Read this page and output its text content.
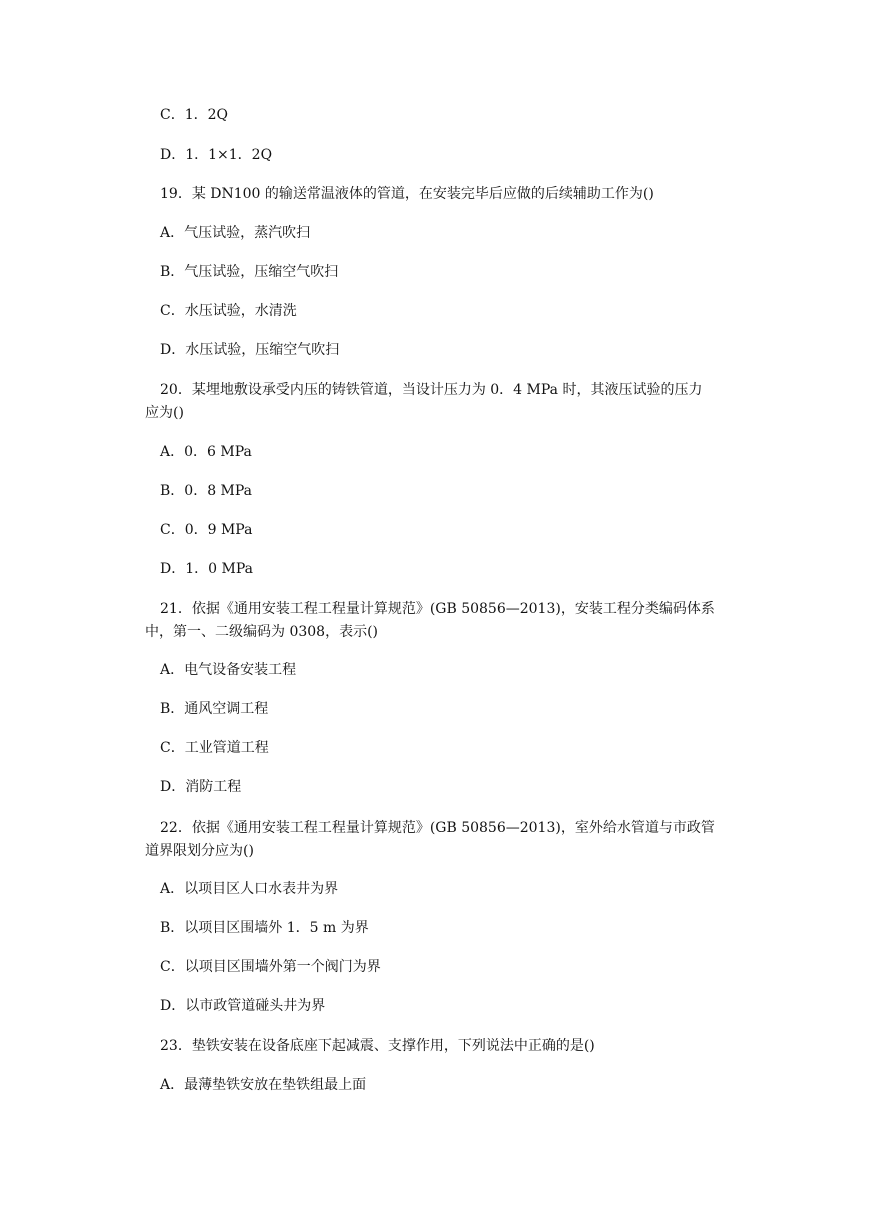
C．1．2Q
D．1．1×1．2Q
19．某 DN100 的输送常温液体的管道，在安装完毕后应做的后续辅助工作为()
A．气压试验，蒸汽吹扫
B．气压试验，压缩空气吹扫
C．水压试验，水清洗
D．水压试验，压缩空气吹扫
20．某埋地敷设承受内压的铸铁管道，当设计压力为 0．4 MPa 时，其液压试验的压力
应为()
A．0．6 MPa
B．0．8 MPa
C．0．9 MPa
D．1．0 MPa
21．依据《通用安装工程工程量计算规范》(GB 50856—2013)，安装工程分类编码体系
中，第一、二级编码为 0308，表示()
A．电气设备安装工程
B．通风空调工程
C．工业管道工程
D．消防工程
22．依据《通用安装工程工程量计算规范》(GB 50856—2013)，室外给水管道与市政管
道界限划分应为()
A．以项目区人口水表井为界
B．以项目区围墙外 1．5 m 为界
C．以项目区围墙外第一个阀门为界
D．以市政管道碰头井为界
23．垫铁安装在设备底座下起减震、支撑作用，下列说法中正确的是()
A．最薄垫铁安放在垫铁组最上面
